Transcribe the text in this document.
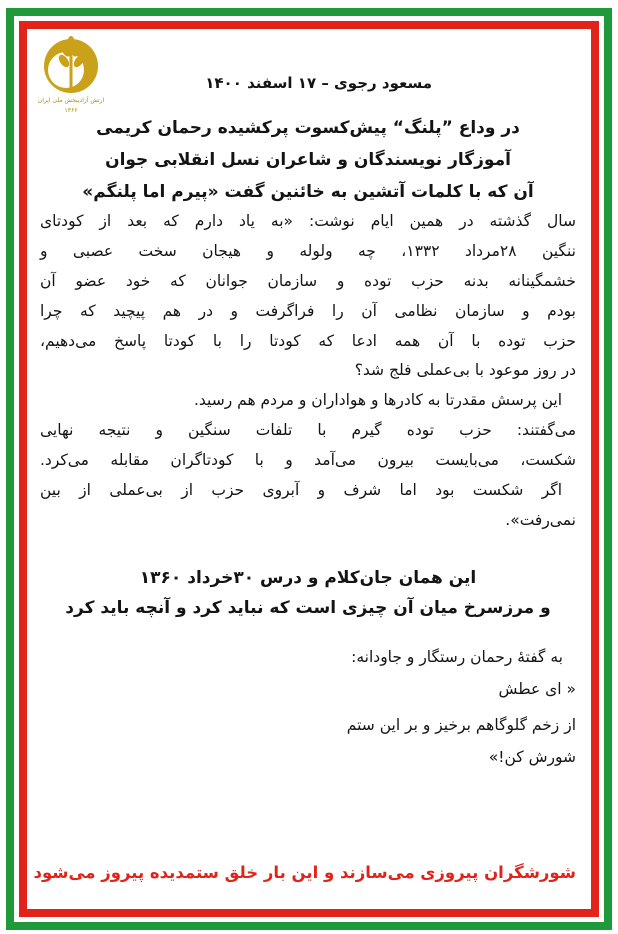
ارتش آزادیبخش ملی ایران
۱۳۶۶
مسعود رجوی – ۱۷ اسفند ۱۴۰۰
در وداع ”پلنگ“ پیش‌کسوت پرکشیده رحمان کریمی
آموزگار نویسندگان و شاعران نسل انقلابی جوان
آن که با کلمات آتشین به خائنین گفت «پیرم اما پلنگم»
سال گذشته در همین ایام نوشت: «به یاد دارم که بعد از کودتای
ننگین ۲۸مرداد ۱۳۳۲، چه ولوله و هیجان سخت عصبی و
خشمگینانه بدنه حزب توده و سازمان جوانان که خود عضو آن
بودم و سازمان نظامی آن را فراگرفت و در هم پیچید که چرا
حزب توده با آن همه ادعا که کودتا را با کودتا پاسخ می‌دهیم،
در روز موعود با بی‌عملی فلج شد؟
این پرسش مقدرتا به کادرها و هواداران و مردم هم رسید.
می‌گفتند: حزب توده گیرم با تلفات سنگین و نتیجه نهایی
شکست، می‌بایست بیرون می‌آمد و با کودتاگران مقابله می‌کرد.
اگر شکست بود اما شرف و آبروی حزب از بی‌عملی از بین
نمی‌رفت».
این همان جان‌کلام و درس ۳۰خرداد ۱۳۶۰
و مرزسرخ میان آن چیزی است که نباید کرد و آنچه باید کرد
به گفتهٔ رحمان رستگار و جاودانه:
« ای عطش
از زخم گلوگاهم برخیز و بر این ستم
شورش کن!»
شورشگران پیروزی می‌سازند و این بار خلق ستمدیده پیروز می‌شود
